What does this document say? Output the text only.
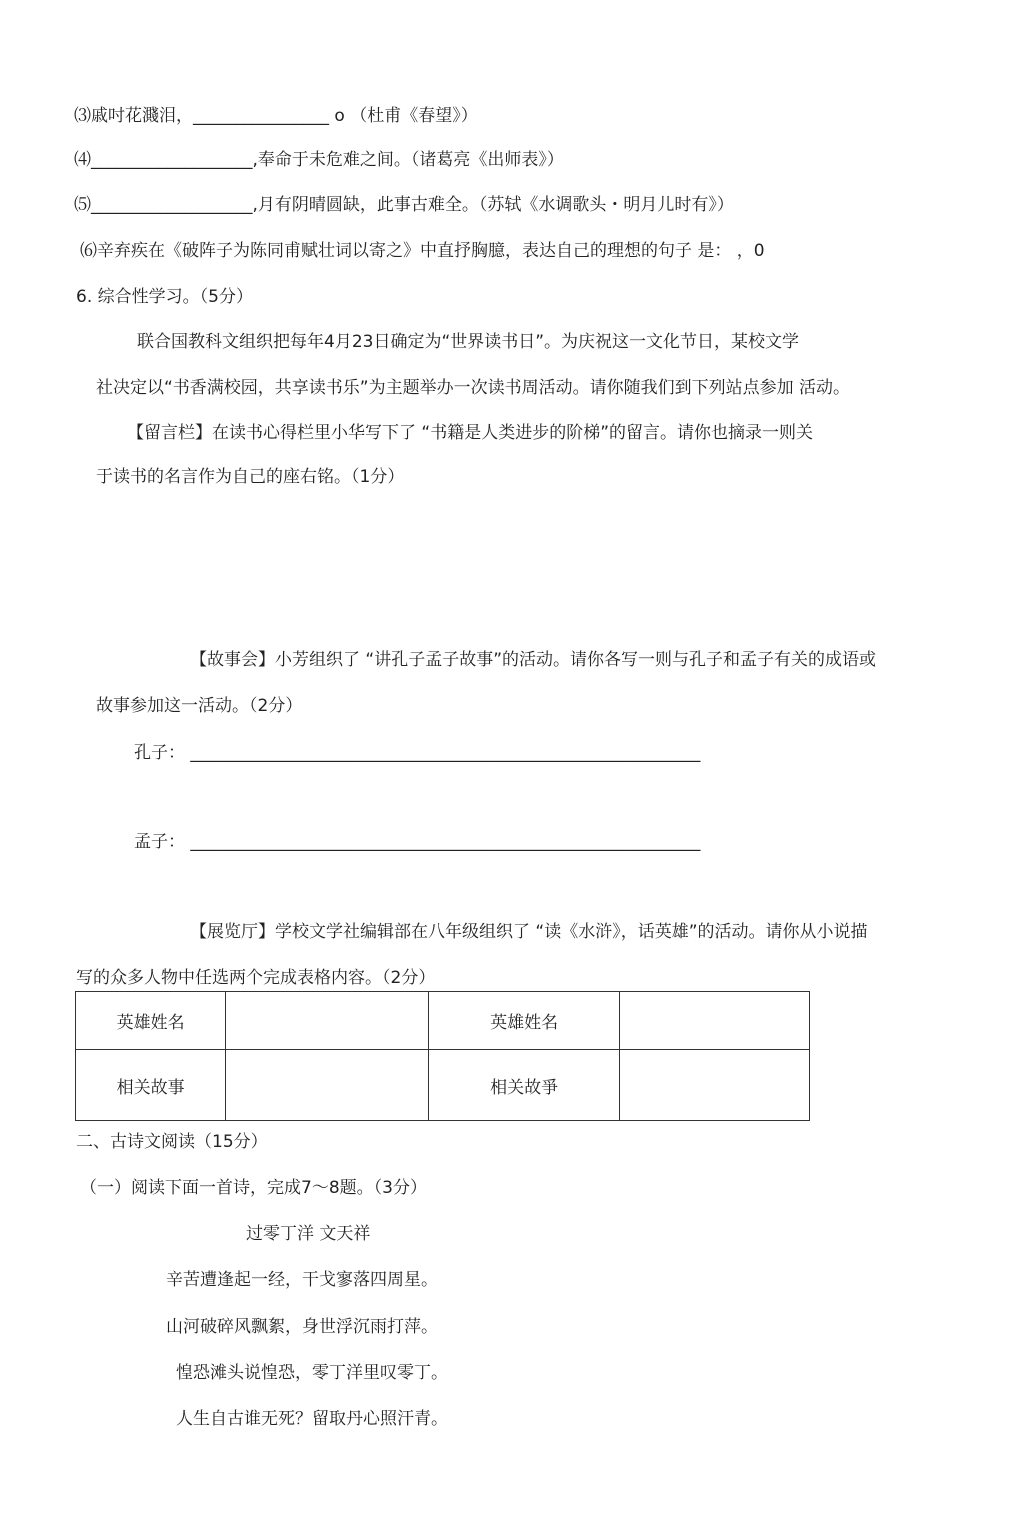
⑶戚吋花濺泪，________________ o （杜甫《春望》）
⑷___________________,奉命于未危难之间。（诸葛亮《出师表》）
⑸___________________,月有阴晴圆缺，此事古难全。（苏轼《水调歌头・明月儿时有》）
⑹辛弃疾在《破阵子为陈同甫赋壮词以寄之》中直抒胸臆，表达自己的理想的句子 是： ，0
6. 综合性学习。（5分）
联合国教科文组织把每年4月23日确定为“世界读书日”。为庆祝这一文化节日，某校文学
社决定以“书香满校园，共享读书乐”为主题举办一次读书周活动。请你随我们到下列站点参加 活动。
【留言栏】在读书心得栏里小华写下了 “书籍是人类进步的阶梯”的留言。请你也摘录一则关
于读书的名言作为自己的座右铭。（1分）
【故事会】小芳组织了 “讲孔子孟子故事”的活动。请你各写一则与孔子和孟子有关的成语或
故事参加这一活动。（2分）
孔子： ____________________________________________________________
孟子： ____________________________________________________________
【展览厅】学校文学社编辑部在八年级组织了 “读《水浒》，话英雄”的活动。请你从小说描
写的众多人物中任选两个完成表格内容。（2分）
英雄姓名		英雄姓名	
相关故事		相关故爭	
二、古诗文阅读（15分）
（一）阅读下面一首诗，完成7～8题。（3分）
过零丁洋 文天祥
辛苦遭逢起一经，干戈寥落四周星。
山河破碎风飘絮，身世浮沉雨打萍。
惶恐滩头说惶恐，零丁洋里叹零丁。
人生自古谁无死？留取丹心照汗青。
